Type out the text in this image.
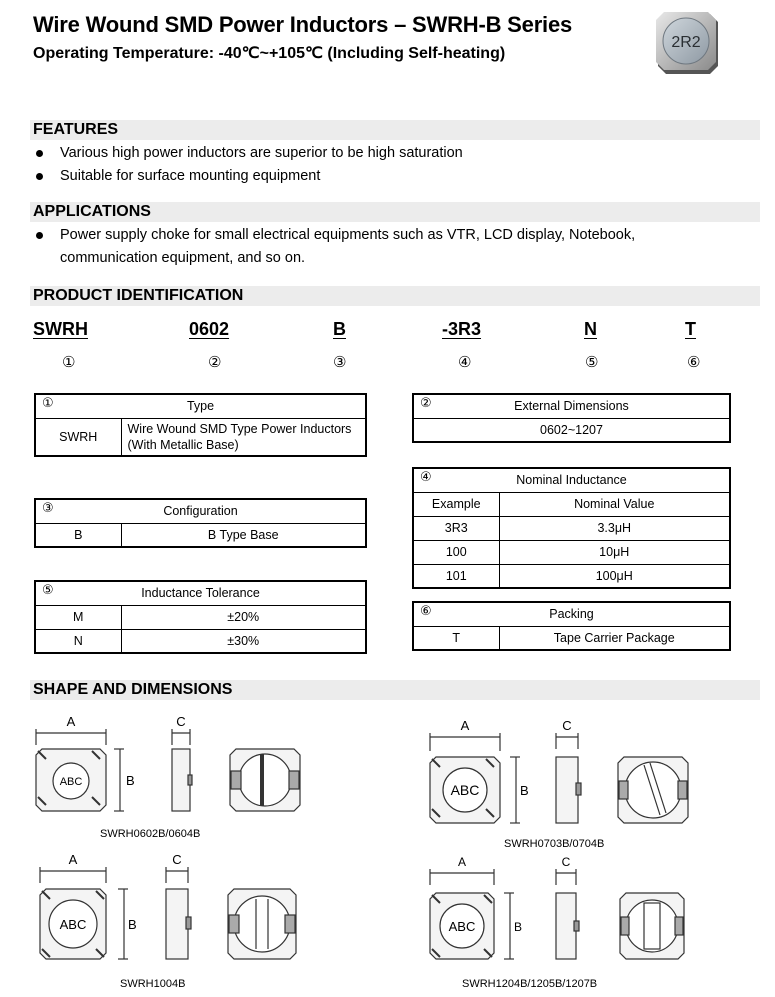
Wire Wound SMD Power Inductors – SWRH-B Series
Operating Temperature: -40℃~+105℃ (Including Self-heating)
2R2
FEATURES
Various high power inductors are superior to be high saturation
Suitable for surface mounting equipment
APPLICATIONS
Power supply choke for small electrical equipments such as VTR, LCD display, Notebook, communication equipment, and so on.
PRODUCT IDENTIFICATION
SWRH	0602	B	-3R3	N	T
①	②	③	④	⑤	⑥
①	Type
SWRH	Wire Wound SMD Type Power Inductors (With Metallic Base)
②	External Dimensions
0602~1207
③	Configuration
B	B Type Base
④ Nominal Inductance	
Example	Nominal Value
3R3	3.3μH
100	10μH
101	100μH
⑤ Inductance Tolerance	
M	±20%
N	±30%
⑥	Packing
T	Tape Carrier Package
SHAPE AND DIMENSIONS
ABC
A
B
C
ABC
A
B
C
ABC
A
B
C
ABC
A
B
C
SWRH0602B/0604B
SWRH0703B/0704B
SWRH1004B	SWRH1204B/1205B/1207B
